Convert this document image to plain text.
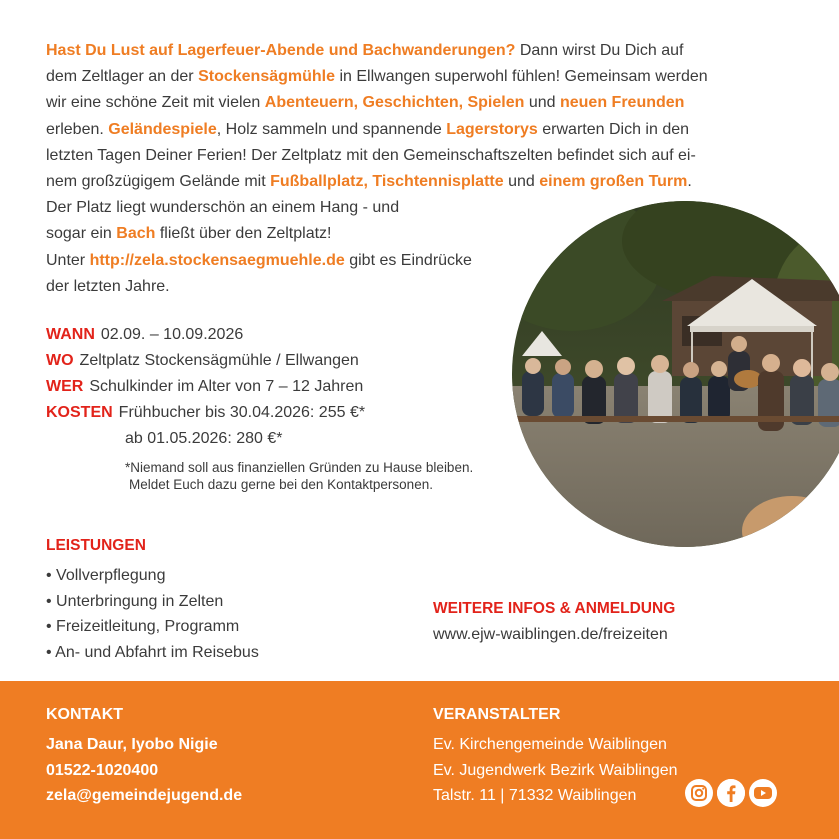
Hast Du Lust auf Lagerfeuer-Abende und Bachwanderungen? Dann wirst Du Dich auf
dem Zeltlager an der Stockensägmühle in Ellwangen superwohl fühlen! Gemeinsam werden
wir eine schöne Zeit mit vielen Abenteuern, Geschichten, Spielen und neuen Freunden
erleben. Geländespiele, Holz sammeln und spannende Lagerstorys erwarten Dich in den
letzten Tagen Deiner Ferien! Der Zeltplatz mit den Gemeinschaftszelten befindet sich auf ei-
nem großzügigem Gelände mit Fußballplatz, Tischtennisplatte und einem großen Turm.
Der Platz liegt wunderschön an einem Hang - und
sogar ein Bach fließt über den Zeltplatz!
Unter http://zela.stockensaegmuehle.de gibt es Eindrücke
der letzten Jahre.
WANN 02.09. – 10.09.2026
WO Zeltplatz Stockensägmühle / Ellwangen
WER Schulkinder im Alter von 7 – 12 Jahren
KOSTEN Frühbucher bis 30.04.2026: 255 €*
ab 01.05.2026: 280 €*
*Niemand soll aus finanziellen Gründen zu Hause bleiben.
Meldet Euch dazu gerne bei den Kontaktpersonen.
LEISTUNGEN
• Vollverpflegung
• Unterbringung in Zelten
• Freizeitleitung, Programm
• An- und Abfahrt im Reisebus
WEITERE INFOS & ANMELDUNG
www.ejw-waiblingen.de/freizeiten
KONTAKT
Jana Daur, Iyobo Nigie
01522-1020400
zela@gemeindejugend.de
VERANSTALTER
Ev. Kirchengemeinde Waiblingen
Ev. Jugendwerk Bezirk Waiblingen
Talstr. 11 | 71332 Waiblingen
